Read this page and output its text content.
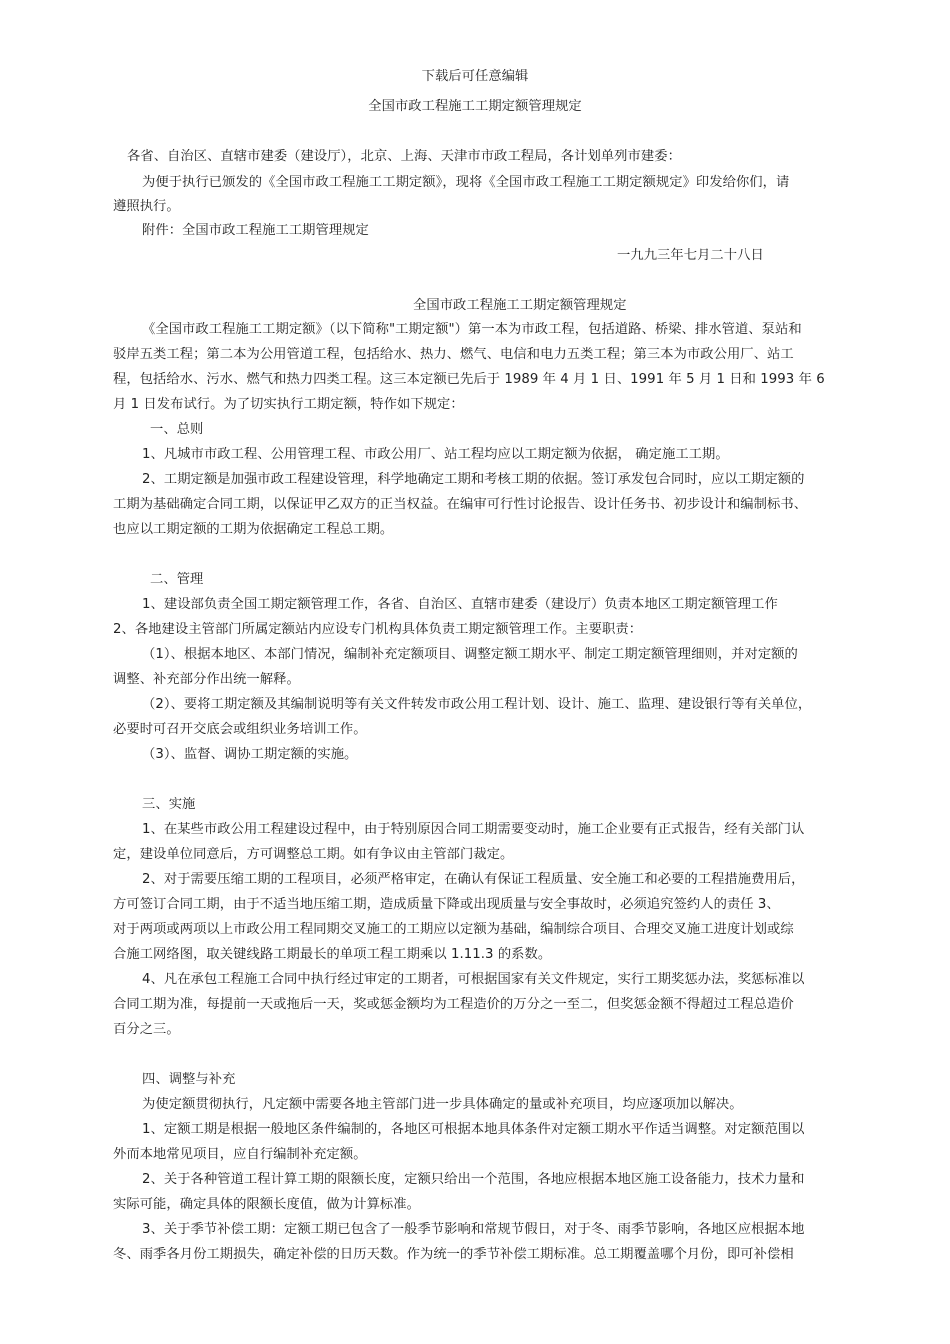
下载后可任意编辑
全国市政工程施工工期定额管理规定
各省、自治区、直辖市建委（建设厅），北京、上海、天津市市政工程局，各计划单列市建委：
为便于执行已颁发的《全国市政工程施工工期定额》，现将《全国市政工程施工工期定额规定》印发给你们，请
遵照执行。
附件：全国市政工程施工工期管理规定
一九九三年七月二十八日
全国市政工程施工工期定额管理规定
《全国市政工程施工工期定额》（以下简称"工期定额"）第一本为市政工程，包括道路、桥梁、排水管道、泵站和
驳岸五类工程；第二本为公用管道工程，包括给水、热力、燃气、电信和电力五类工程；第三本为市政公用厂、站工
程，包括给水、污水、燃气和热力四类工程。这三本定额已先后于 1989 年 4 月 1 日、1991 年 5 月 1 日和 1993 年 6
月 1 日发布试行。为了切实执行工期定额，特作如下规定：
一、总则
1、凡城市市政工程、公用管理工程、市政公用厂、站工程均应以工期定额为依据， 确定施工工期。
2、工期定额是加强市政工程建设管理，科学地确定工期和考核工期的依据。签订承发包合同时，应以工期定额的
工期为基础确定合同工期，以保证甲乙双方的正当权益。在编审可行性讨论报告、设计任务书、初步设计和编制标书、
也应以工期定额的工期为依据确定工程总工期。
二、管理
1、建设部负责全国工期定额管理工作，各省、自治区、直辖市建委（建设厅）负责本地区工期定额管理工作
2、各地建设主管部门所属定额站内应设专门机构具体负责工期定额管理工作。主要职责：
（1）、根据本地区、本部门情况，编制补充定额项目、调整定额工期水平、制定工期定额管理细则，并对定额的
调整、补充部分作出统一解释。
（2）、要将工期定额及其编制说明等有关文件转发市政公用工程计划、设计、施工、监理、建设银行等有关单位，
必要时可召开交底会或组织业务培训工作。
（3）、监督、调协工期定额的实施。
三、实施
1、在某些市政公用工程建设过程中，由于特别原因合同工期需要变动时，施工企业要有正式报告，经有关部门认
定，建设单位同意后，方可调整总工期。如有争议由主管部门裁定。
2、对于需要压缩工期的工程项目，必须严格审定，在确认有保证工程质量、安全施工和必要的工程措施费用后，
方可签订合同工期，由于不适当地压缩工期，造成质量下降或出现质量与安全事故时，必须追究签约人的责任 3、
对于两项或两项以上市政公用工程同期交叉施工的工期应以定额为基础，编制综合项目、合理交叉施工进度计划或综
合施工网络图，取关键线路工期最长的单项工程工期乘以 1.11.3 的系数。
4、凡在承包工程施工合同中执行经过审定的工期者，可根据国家有关文件规定，实行工期奖惩办法，奖惩标准以
合同工期为准，每提前一天或拖后一天，奖或惩金额均为工程造价的万分之一至二，但奖惩金额不得超过工程总造价
百分之三。
四、调整与补充
为使定额贯彻执行，凡定额中需要各地主管部门进一步具体确定的量或补充项目，均应逐项加以解决。
1、定额工期是根据一般地区条件编制的，各地区可根据本地具体条件对定额工期水平作适当调整。对定额范围以
外而本地常见项目，应自行编制补充定额。
2、关于各种管道工程计算工期的限额长度，定额只给出一个范围，各地应根据本地区施工设备能力，技术力量和
实际可能，确定具体的限额长度值，做为计算标准。
3、关于季节补偿工期：定额工期已包含了一般季节影响和常规节假日，对于冬、雨季节影响，各地区应根据本地
冬、雨季各月份工期损失，确定补偿的日历天数。作为统一的季节补偿工期标准。总工期覆盖哪个月份，即可补偿相
